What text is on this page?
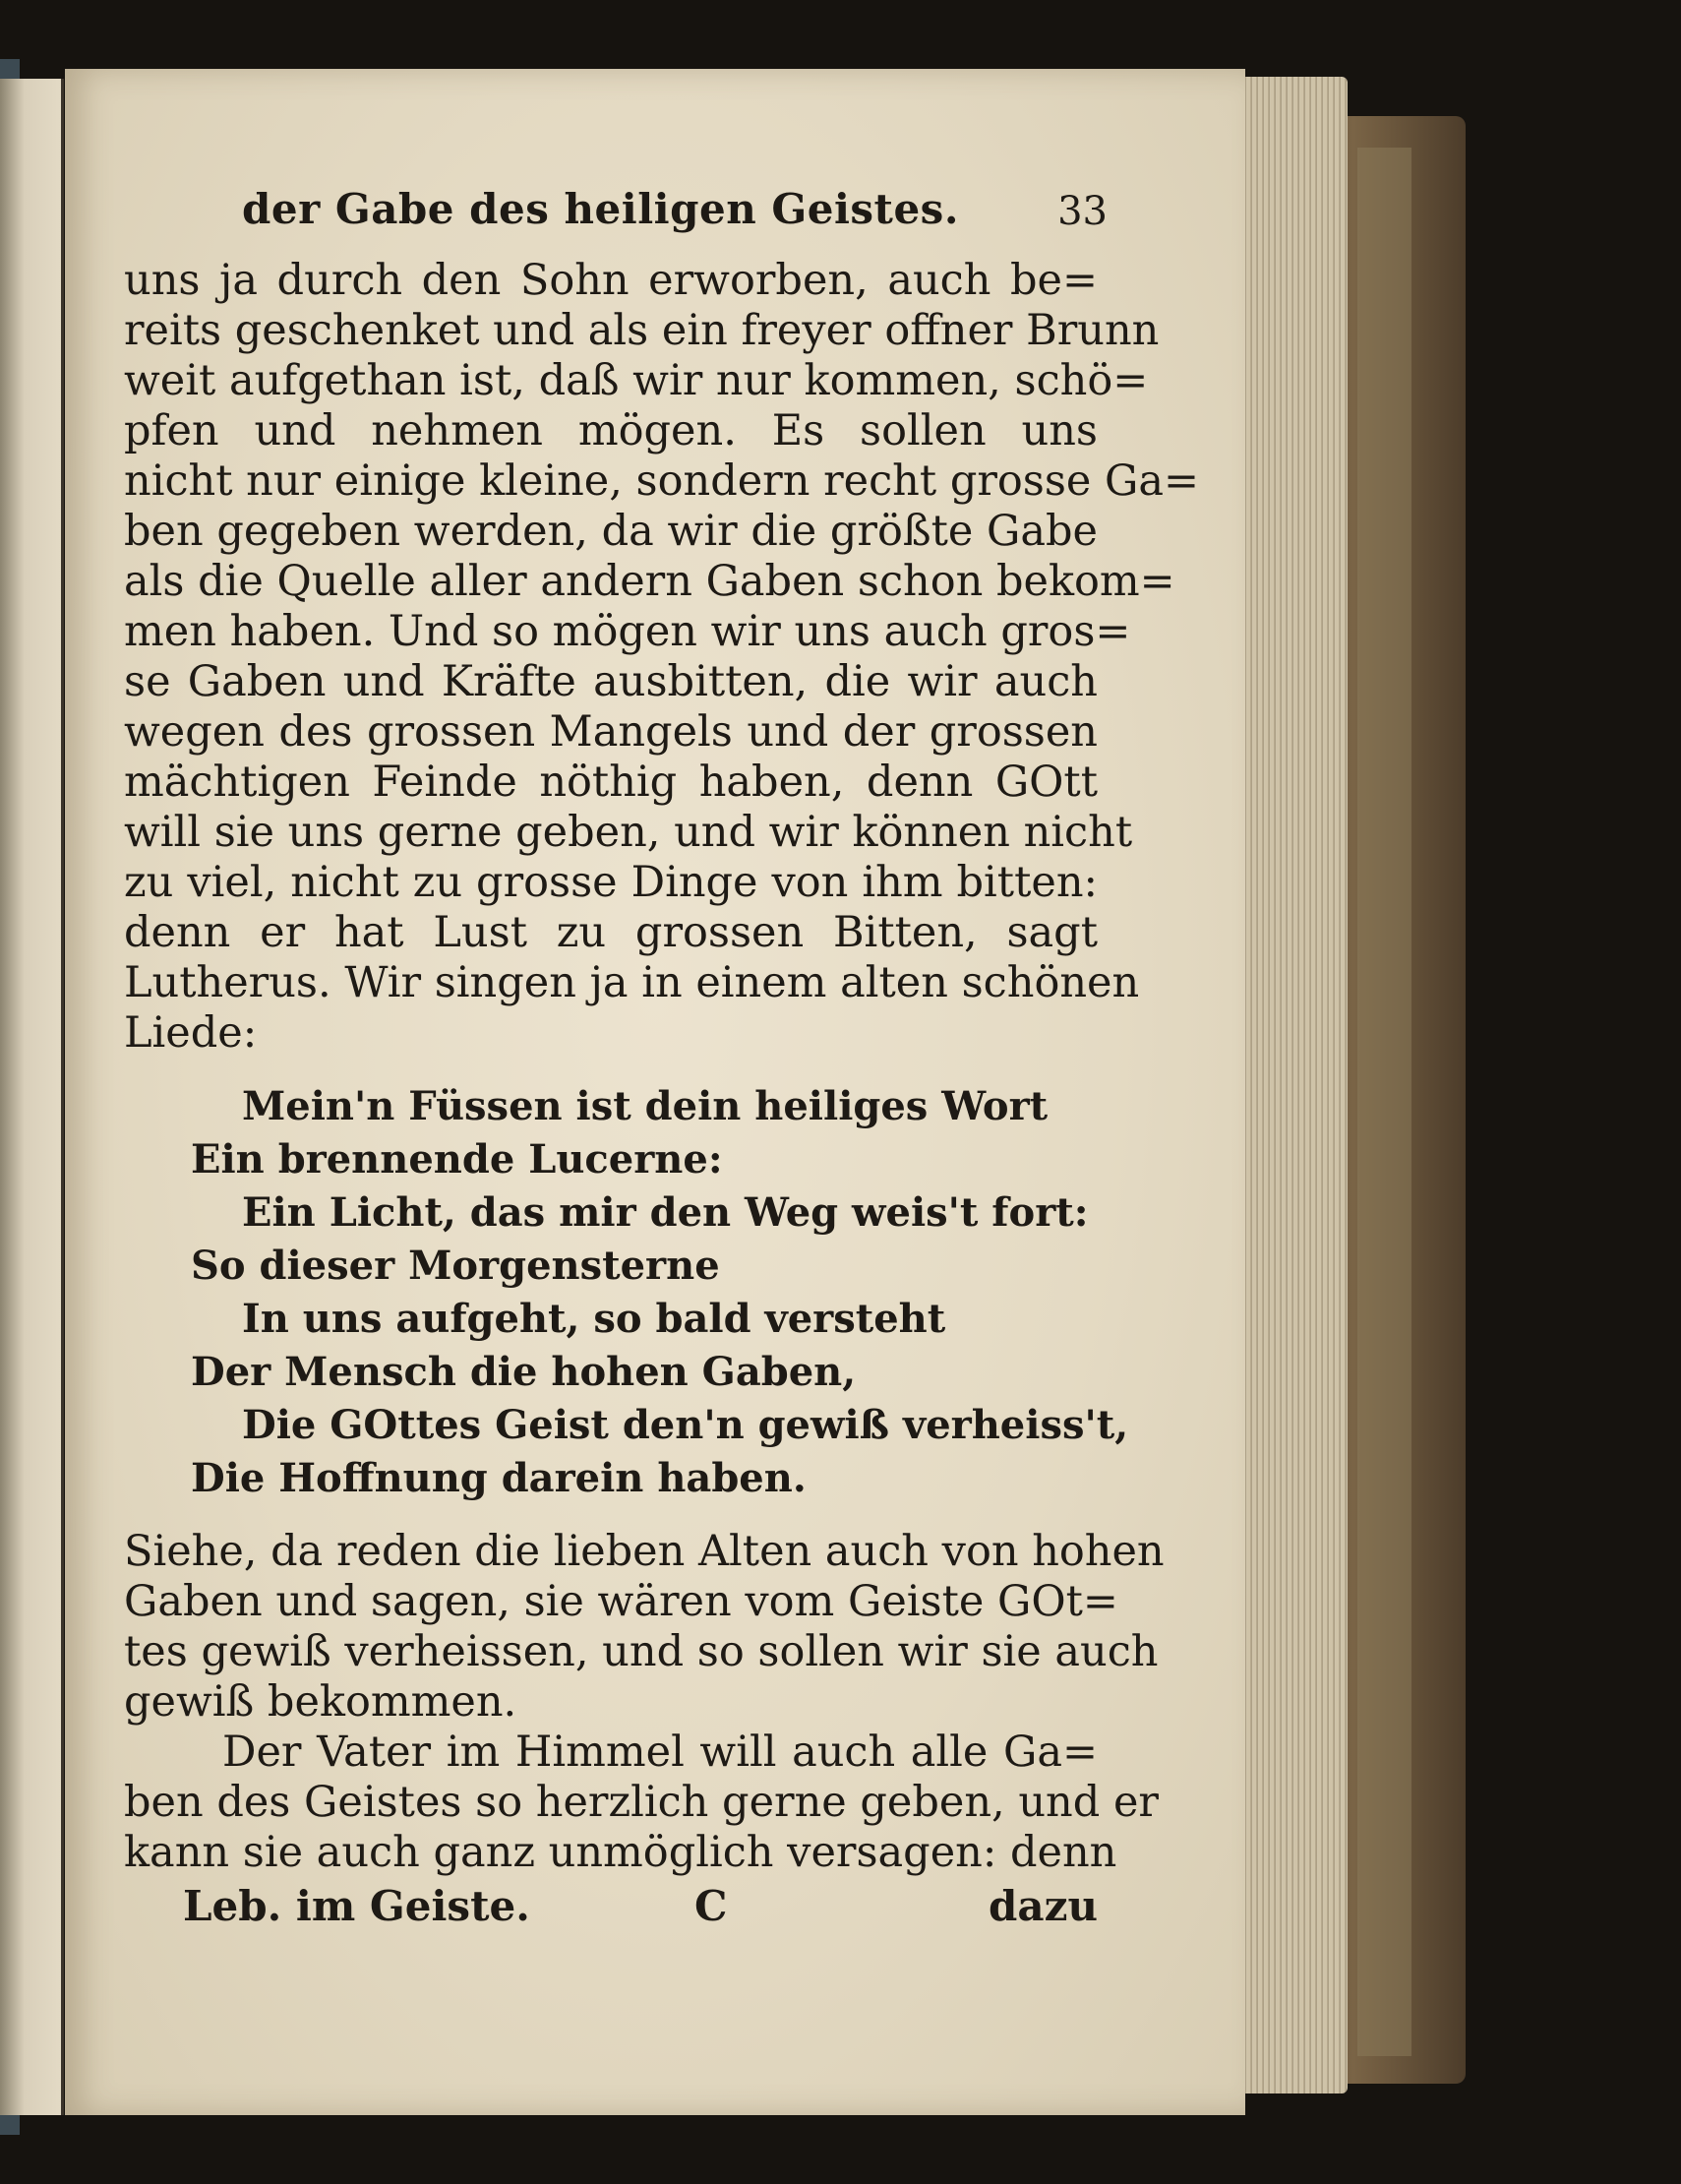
der Gabe des heiligen Geistes.	33

uns ja durch den Sohn erworben, auch be=

reits geschenket und als ein freyer offner Brunn

weit aufgethan ist, daß wir nur kommen, schö=

pfen und nehmen mögen. Es sollen uns

nicht nur einige kleine, sondern recht grosse Ga=

ben gegeben werden, da wir die größte Gabe

als die Quelle aller andern Gaben schon bekom=

men haben. Und so mögen wir uns auch gros=

se Gaben und Kräfte ausbitten, die wir auch

wegen des grossen Mangels und der grossen

mächtigen Feinde nöthig haben, denn GOtt

will sie uns gerne geben, und wir können nicht

zu viel, nicht zu grosse Dinge von ihm bitten:

denn er hat Lust zu grossen Bitten, sagt

Lutherus. Wir singen ja in einem alten schönen

Liede:

Mein'n Füssen ist dein heiliges Wort
Ein brennende Lucerne:
Ein Licht, das mir den Weg weis't fort:
So dieser Morgensterne
In uns aufgeht, so bald versteht
Der Mensch die hohen Gaben,
Die GOttes Geist den'n gewiß verheiss't,
Die Hoffnung darein haben.

Siehe, da reden die lieben Alten auch von hohen

Gaben und sagen, sie wären vom Geiste GOt=

tes gewiß verheissen, und so sollen wir sie auch

gewiß bekommen.

Der Vater im Himmel will auch alle Ga=

ben des Geistes so herzlich gerne geben, und er

kann sie auch ganz unmöglich versagen: denn

Leb. im Geiste.	C	dazu
